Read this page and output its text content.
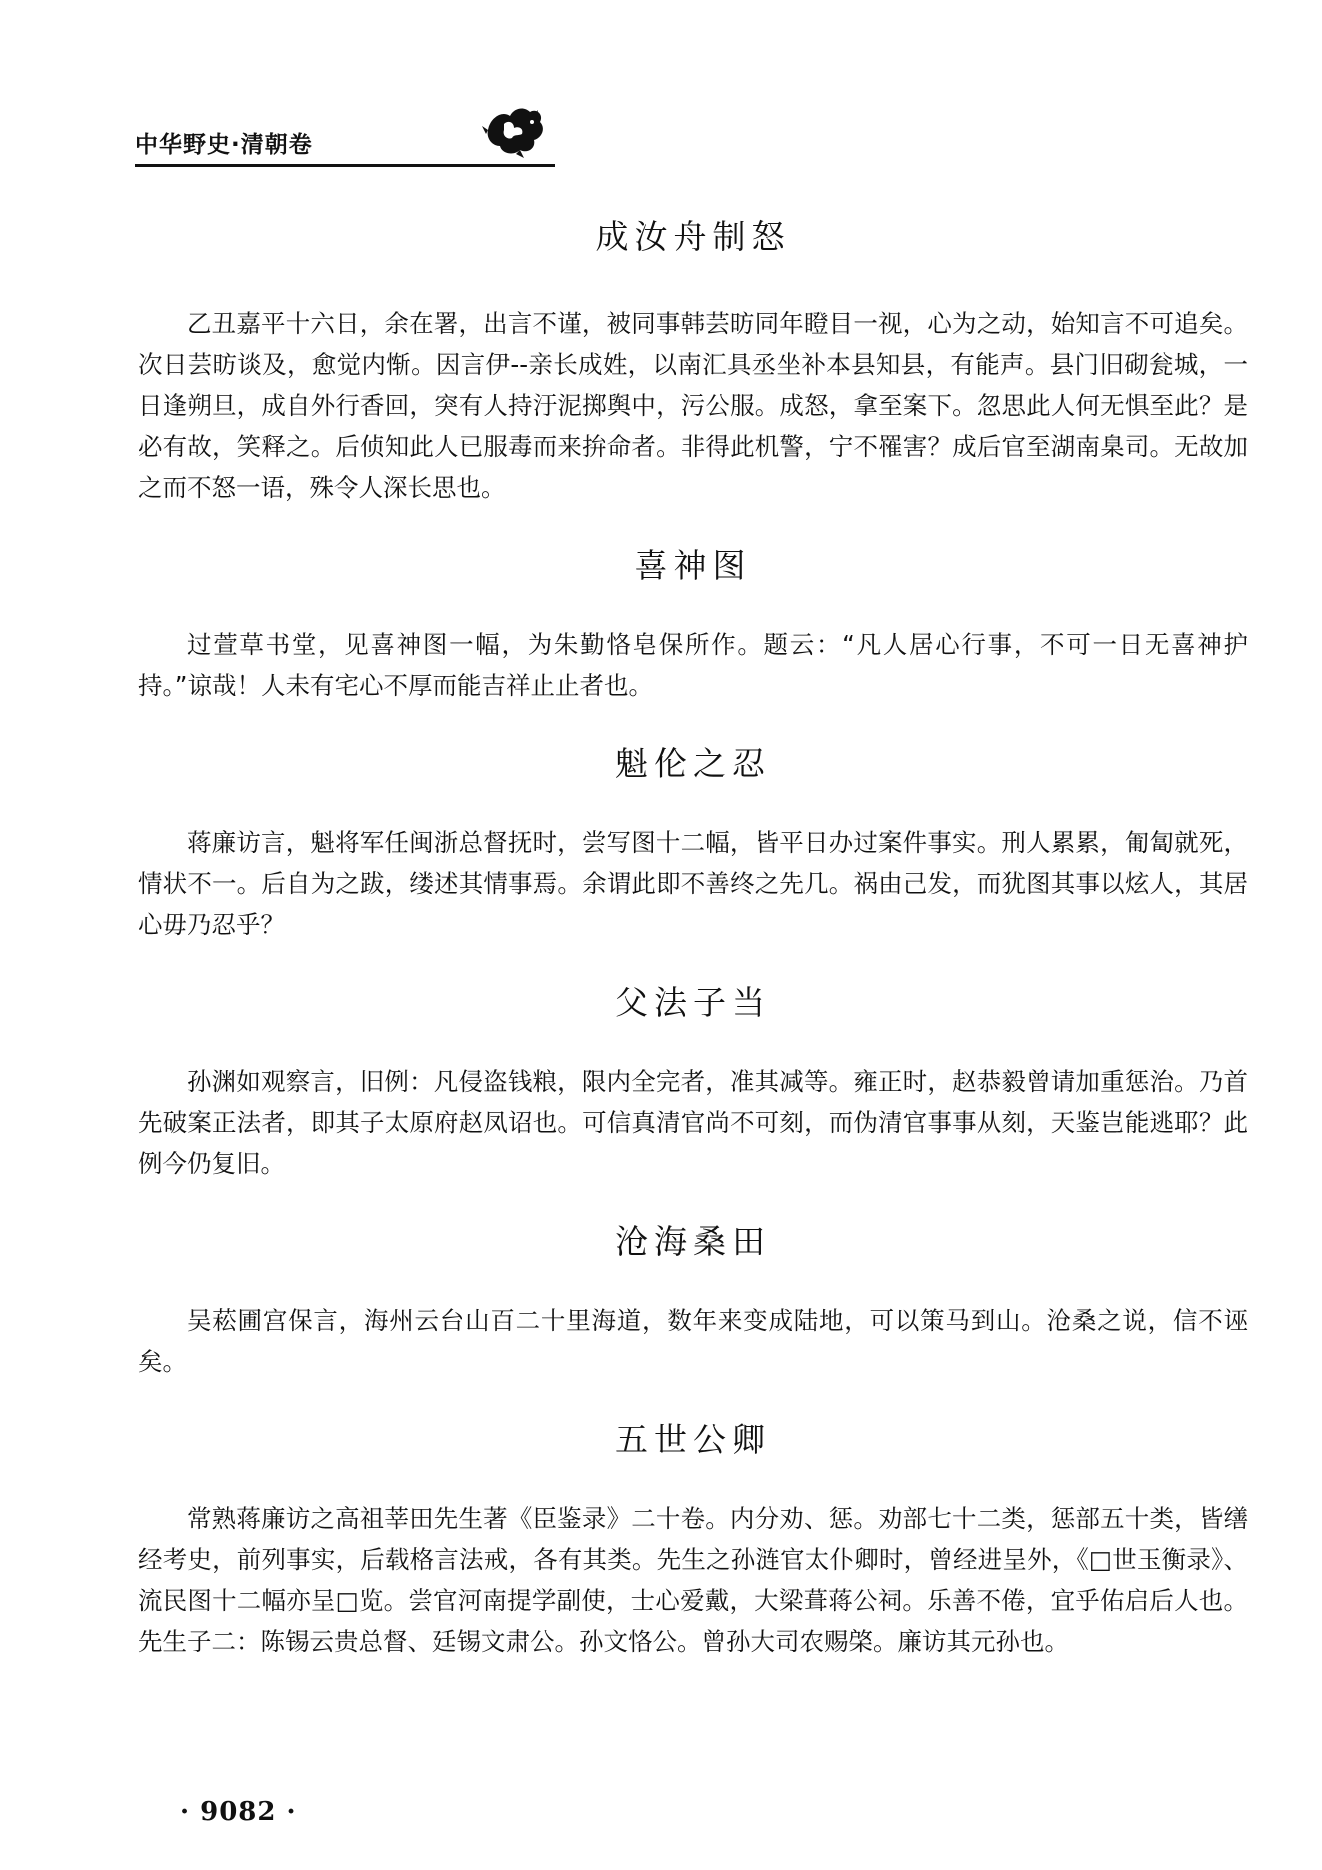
中华野史·清朝卷
成汝舟制怒

乙丑嘉平十六日，余在署，出言不谨，被同事韩芸昉同年瞪目一视，心为之动，始知言不可追矣。次日芸昉谈及，愈觉内惭。因言伊--亲长成姓，以南汇具丞坐补本县知县，有能声。县门旧砌瓮城，一日逢朔旦，成自外行香回，突有人持汙泥掷舆中，污公服。成怒，拿至案下。忽思此人何无惧至此？是必有故，笑释之。后侦知此人已服毒而来拚命者。非得此机警，宁不罹害？成后官至湖南臬司。无故加之而不怒一语，殊令人深长思也。

喜神图

过萱草书堂，见喜神图一幅，为朱勤恪皂保所作。题云：“凡人居心行事，不可一日无喜神护持。”谅哉！人未有宅心不厚而能吉祥止止者也。

魁伦之忍

蒋廉访言，魁将军任闽浙总督抚时，尝写图十二幅，皆平日办过案件事实。刑人累累，匍匐就死，情状不一。后自为之跋，缕述其情事焉。余谓此即不善终之先几。祸由己发，而犹图其事以炫人，其居心毋乃忍乎？

父法子当

孙渊如观察言，旧例：凡侵盗钱粮，限内全完者，准其减等。雍正时，赵恭毅曾请加重惩治。乃首先破案正法者，即其子太原府赵凤诏也。可信真清官尚不可刻，而伪清官事事从刻，天鉴岂能逃耶？此例今仍复旧。

沧海桑田

吴菘圃宫保言，海州云台山百二十里海道，数年来变成陆地，可以策马到山。沧桑之说，信不诬矣。

五世公卿

常熟蒋廉访之高祖莘田先生著《臣鉴录》二十卷。内分劝、惩。劝部七十二类，惩部五十类，皆缮经考史，前列事实，后载格言法戒，各有其类。先生之孙涟官太仆卿时，曾经进呈外，《□世玉衡录》、流民图十二幅亦呈□览。尝官河南提学副使，士心爱戴，大梁葺蒋公祠。乐善不倦，宜乎佑启后人也。先生子二：陈锡云贵总督、廷锡文肃公。孙文恪公。曾孙大司农赐棨。廉访其元孙也。

· 9082 ·
